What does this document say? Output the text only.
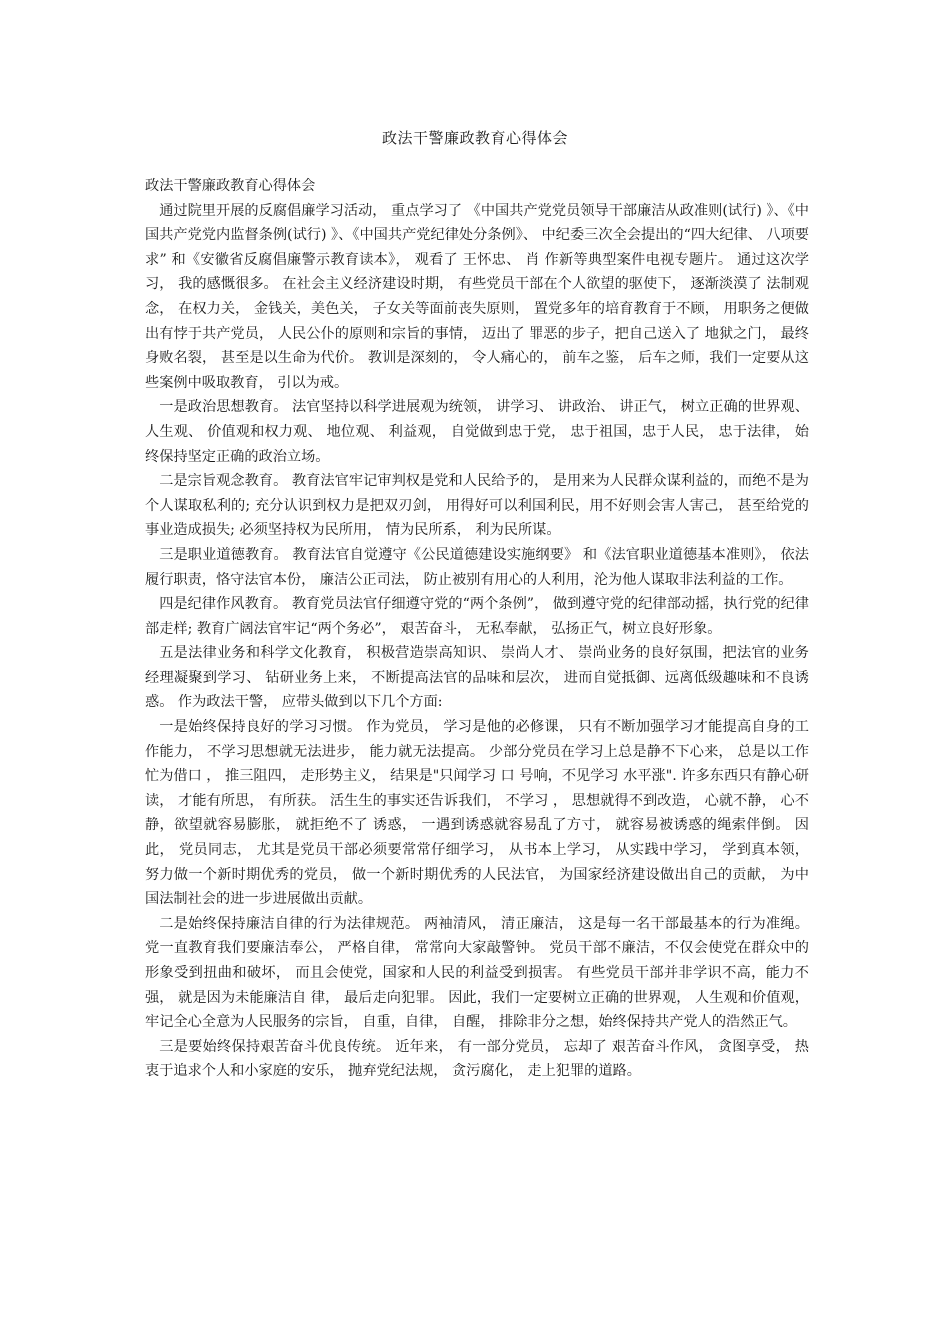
政法干警廉政教育心得体会

政法干警廉政教育心得体会

通过院里开展的反腐倡廉学习活动， 重点学习了 《中国共产党党员领导干部廉洁从政准则(试行) 》、《中国共产党党内监督条例(试行) 》、《中国共产党纪律处分条例》、 中纪委三次全会提出的“四大纪律、 八项要求” 和《安徽省反腐倡廉警示教育读本》， 观看了 王怀忠、 肖 作新等典型案件电视专题片。 通过这次学习， 我的感慨很多。 在社会主义经济建设时期， 有些党员干部在个人欲望的驱使下， 逐渐淡漠了 法制观念， 在权力关， 金钱关，美色关， 子女关等面前丧失原则， 置党多年的培育教育于不顾， 用职务之便做出有悖于共产党员， 人民公仆的原则和宗旨的事情， 迈出了 罪恶的步子，把自己送入了 地狱之门， 最终身败名裂， 甚至是以生命为代价。 教训是深刻的， 令人痛心的， 前车之鉴， 后车之师，我们一定要从这些案例中吸取教育， 引以为戒。

一是政治思想教育。 法官坚持以科学进展观为统领， 讲学习、 讲政治、 讲正气， 树立正确的世界观、 人生观、 价值观和权力观、 地位观、 利益观， 自觉做到忠于党， 忠于祖国，忠于人民， 忠于法律， 始终保持坚定正确的政治立场。

二是宗旨观念教育。 教育法官牢记审判权是党和人民给予的， 是用来为人民群众谋利益的，而绝不是为个人谋取私利的; 充分认识到权力是把双刃剑， 用得好可以利国利民，用不好则会害人害己， 甚至给党的事业造成损失; 必须坚持权为民所用， 情为民所系， 利为民所谋。

三是职业道德教育。 教育法官自觉遵守《公民道德建设实施纲要》 和《法官职业道德基本准则》， 依法履行职责，恪守法官本份， 廉洁公正司法， 防止被别有用心的人利用，沦为他人谋取非法利益的工作。

四是纪律作风教育。 教育党员法官仔细遵守党的“两个条例”， 做到遵守党的纪律部动摇，执行党的纪律部走样; 教育广阔法官牢记“两个务必”， 艰苦奋斗， 无私奉献， 弘扬正气，树立良好形象。

五是法律业务和科学文化教育， 积极营造崇高知识、 崇尚人才、 崇尚业务的良好氛围，把法官的业务经理凝聚到学习、 钻研业务上来， 不断提高法官的品味和层次， 进而自觉抵御、远离低级趣味和不良诱惑。 作为政法干警， 应带头做到以下几个方面:

一是始终保持良好的学习习惯。 作为党员， 学习是他的必修课， 只有不断加强学习才能提高自身的工作能力， 不学习思想就无法进步， 能力就无法提高。 少部分党员在学习上总是静不下心来， 总是以工作忙为借口 ， 推三阻四， 走形势主义， 结果是"只闻学习 口 号响，不见学习 水平涨". 许多东西只有静心研读， 才能有所思， 有所获。 活生生的事实还告诉我们， 不学习 ， 思想就得不到改造， 心就不静， 心不静，欲望就容易膨胀， 就拒绝不了 诱惑， 一遇到诱惑就容易乱了方寸， 就容易被诱惑的绳索伴倒。 因此， 党员同志， 尤其是党员干部必须要常常仔细学习， 从书本上学习， 从实践中学习， 学到真本领， 努力做一个新时期优秀的党员， 做一个新时期优秀的人民法官， 为国家经济建设做出自己的贡献， 为中国法制社会的进一步进展做出贡献。

二是始终保持廉洁自律的行为法律规范。 两袖清风， 清正廉洁， 这是每一名干部最基本的行为准绳。 党一直教育我们要廉洁奉公， 严格自律， 常常向大家敲警钟。 党员干部不廉洁，不仅会使党在群众中的形象受到扭曲和破坏， 而且会使党，国家和人民的利益受到损害。 有些党员干部并非学识不高，能力不强， 就是因为未能廉洁自 律， 最后走向犯罪。 因此，我们一定要树立正确的世界观， 人生观和价值观， 牢记全心全意为人民服务的宗旨， 自重，自律， 自醒， 排除非分之想，始终保持共产党人的浩然正气。

三是要始终保持艰苦奋斗优良传统。 近年来， 有一部分党员， 忘却了 艰苦奋斗作风， 贪图享受， 热衷于追求个人和小家庭的安乐， 抛弃党纪法规， 贪污腐化， 走上犯罪的道路。
